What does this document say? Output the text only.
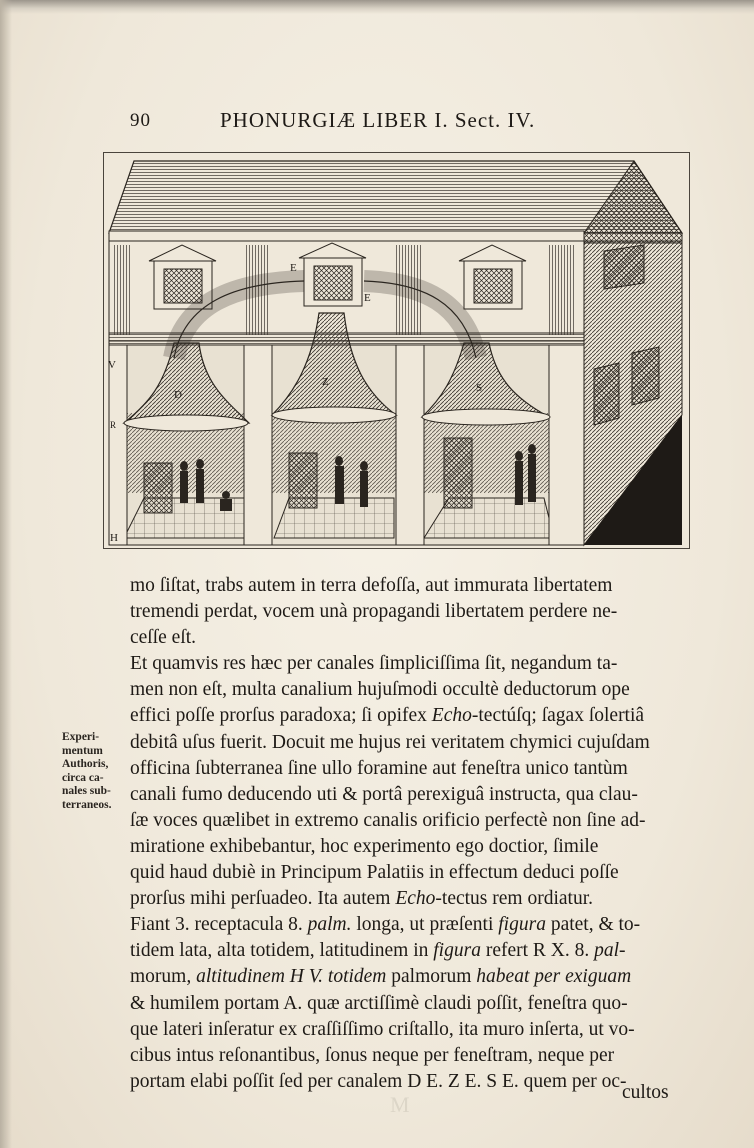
90	PHONURGIÆ LIBER I. Sect. IV.
E
E
D
Z	S
V
R
H
Experi-
mentum
Authoris,
circa ca-
nales sub-
terraneos.
mo ſiſtat, trabs autem in terra defoſſa, aut immurata libertatem
tremendi perdat, vocem unà propagandi libertatem perdere ne-
ceſſe eſt.
Et quamvis res hæc per canales ſimpliciſſima ſit, negandum ta-
men non eſt, multa canalium hujuſmodi occultè deductorum ope
effici poſſe prorſus paradoxa; ſi opifex Echo-tectúſq; ſagax ſolertiâ
debitâ uſus fuerit. Docuit me hujus rei veritatem chymici cujuſdam
officina ſubterranea ſine ullo foramine aut feneſtra unico tantùm
canali fumo deducendo uti & portâ perexiguâ instructa, qua clau-
ſæ voces quælibet in extremo canalis orificio perfectè non ſine ad-
miratione exhibebantur, hoc experimento ego doctior, ſimile
quid haud dubiè in Principum Palatiis in effectum deduci poſſe
prorſus mihi perſuadeo. Ita autem Echo-tectus rem ordiatur.
Fiant 3. receptacula 8. palm. longa, ut præſenti figura patet, & to-
tidem lata, alta totidem, latitudinem in figura refert R X. 8. pal-
morum, altitudinem H V. totidem palmorum habeat per exiguam
& humilem portam A. quæ arctiſſimè claudi poſſit, feneſtra quo-
que lateri inſeratur ex craſſiſſimo criſtallo, ita muro inſerta, ut vo-
cibus intus reſonantibus, ſonus neque per feneſtram, neque per
portam elabi poſſit ſed per canalem D E. Z E. S E. quem per oc-
cultos
M
